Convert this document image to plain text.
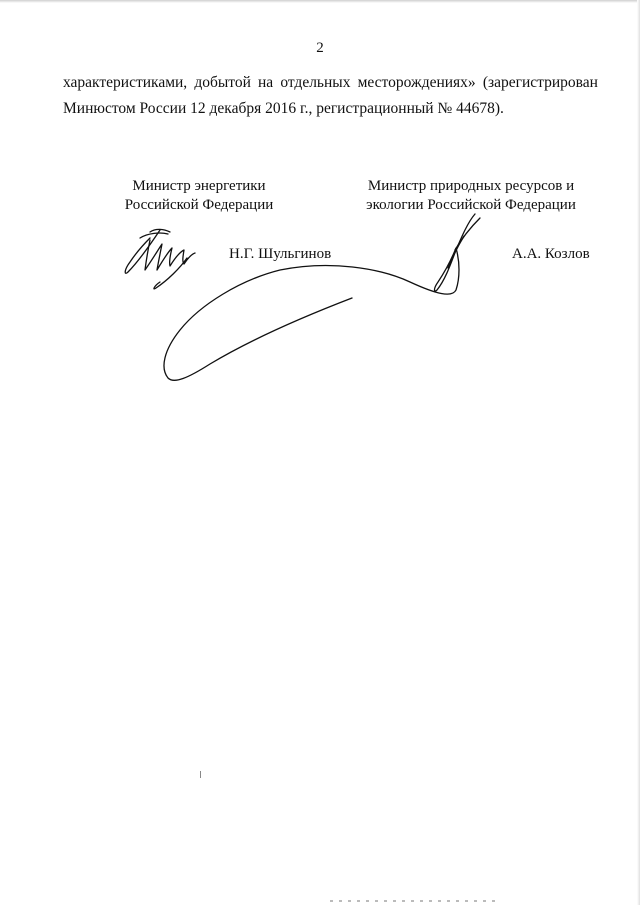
2
характеристиками, добытой на отдельных месторождениях» (зарегистрирован
Минюстом России 12 декабря 2016 г., регистрационный № 44678).
Министр энергетики
Российской Федерации
Министр природных ресурсов и
экологии Российской Федерации
Н.Г. Шульгинов	А.А. Козлов
